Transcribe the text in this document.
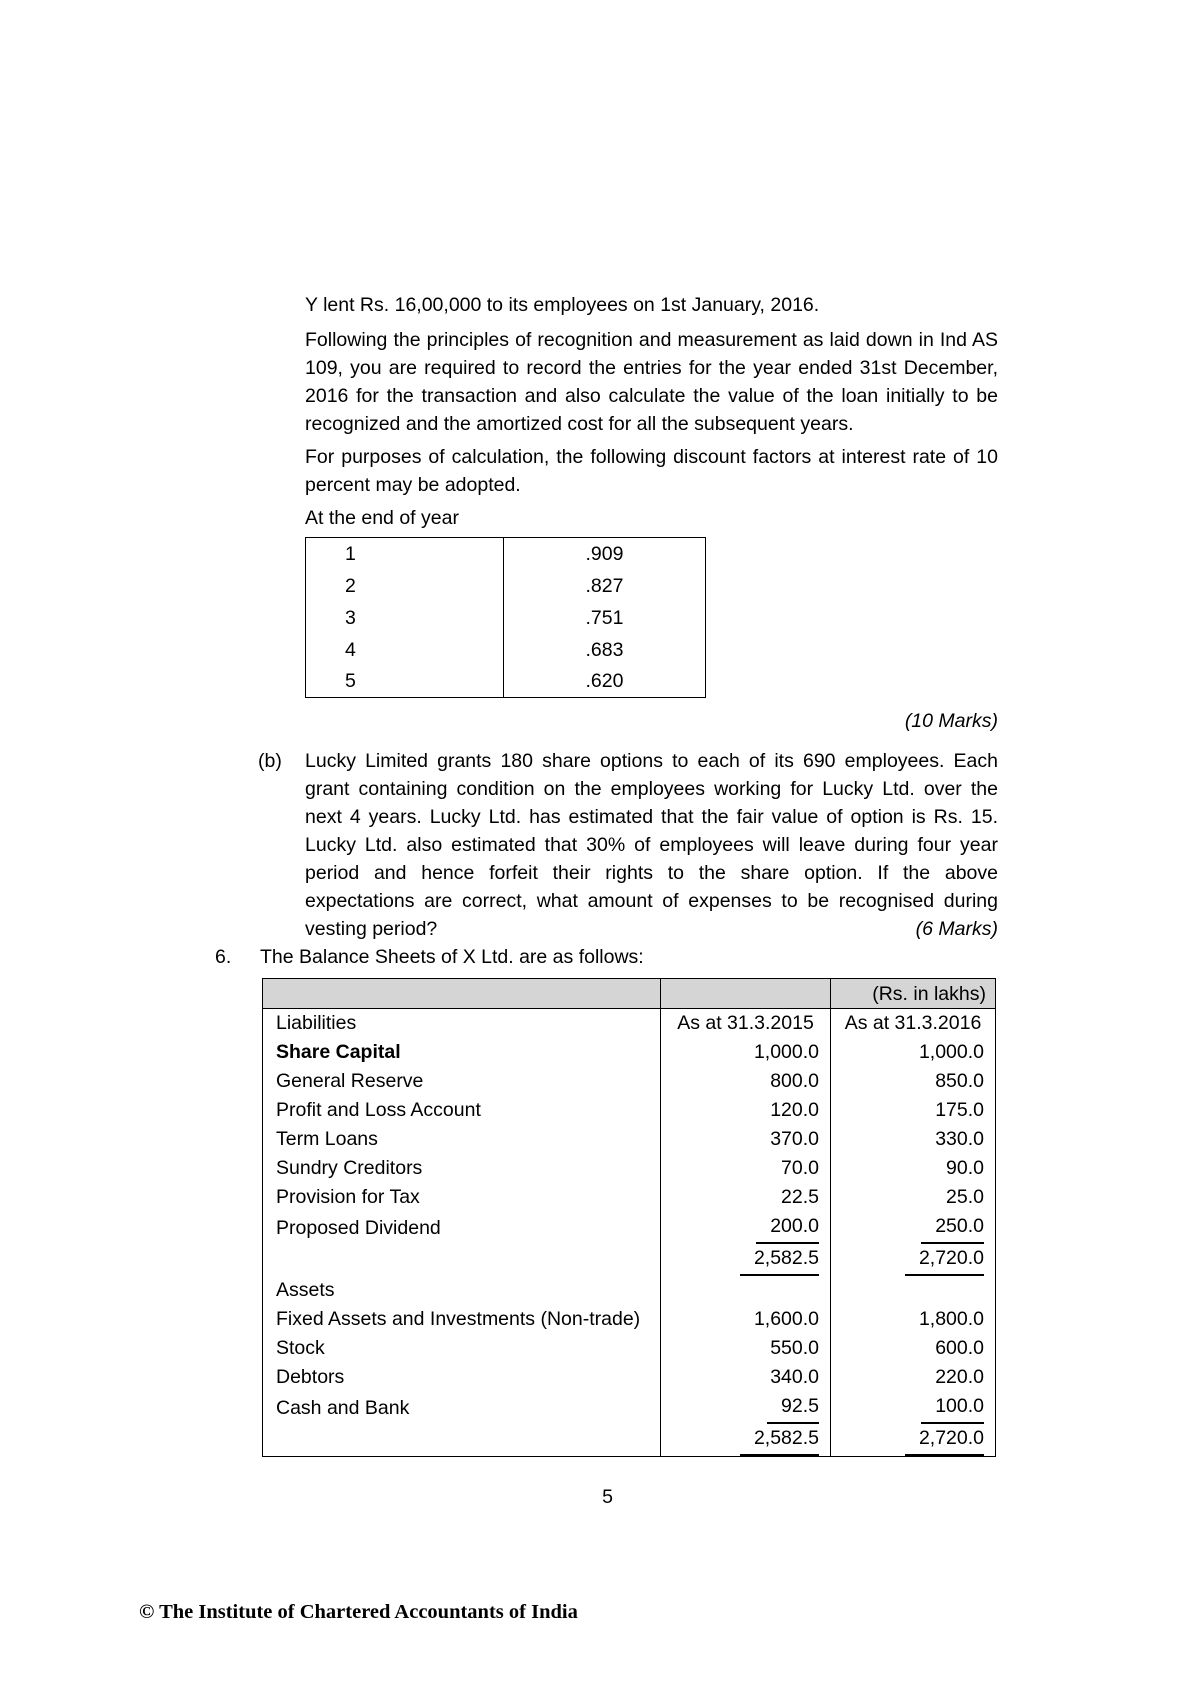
Y lent Rs. 16,00,000 to its employees on 1st January, 2016.

Following the principles of recognition and measurement as laid down in Ind AS 109, you are required to record the entries for the year ended 31st December, 2016 for the transaction and also calculate the value of the loan initially to be recognized and the amortized cost for all the subsequent years.

For purposes of calculation, the following discount factors at interest rate of 10 percent may be adopted.

At the end of year

1	.909
2	.827
3	.751
4	.683
5	.620
(10 Marks)
(b)	Lucky Limited grants 180 share options to each of its 690 employees. Each grant containing condition on the employees working for Lucky Ltd. over the next 4 years. Lucky Ltd. has estimated that the fair value of option is Rs. 15. Lucky Ltd. also estimated that 30% of employees will leave during four year period and hence forfeit their rights to the share option. If the above expectations are correct, what amount of expenses to be recognised during vesting period?	(6 Marks)
6.	The Balance Sheets of X Ltd. are as follows:
		(Rs. in lakhs)
Liabilities	As at 31.3.2015	As at 31.3.2016
Share Capital	1,000.0	1,000.0
General Reserve	800.0	850.0
Profit and Loss Account	120.0	175.0
Term Loans	370.0	330.0
Sundry Creditors	70.0	90.0
Provision for Tax	22.5	25.0
Proposed Dividend	200.0	250.0
	2,582.5	2,720.0
Assets		
Fixed Assets and Investments (Non-trade)	1,600.0	1,800.0
Stock	550.0	600.0
Debtors	340.0	220.0
Cash and Bank	92.5	100.0
	2,582.5	2,720.0
5
© The Institute of Chartered Accountants of India
